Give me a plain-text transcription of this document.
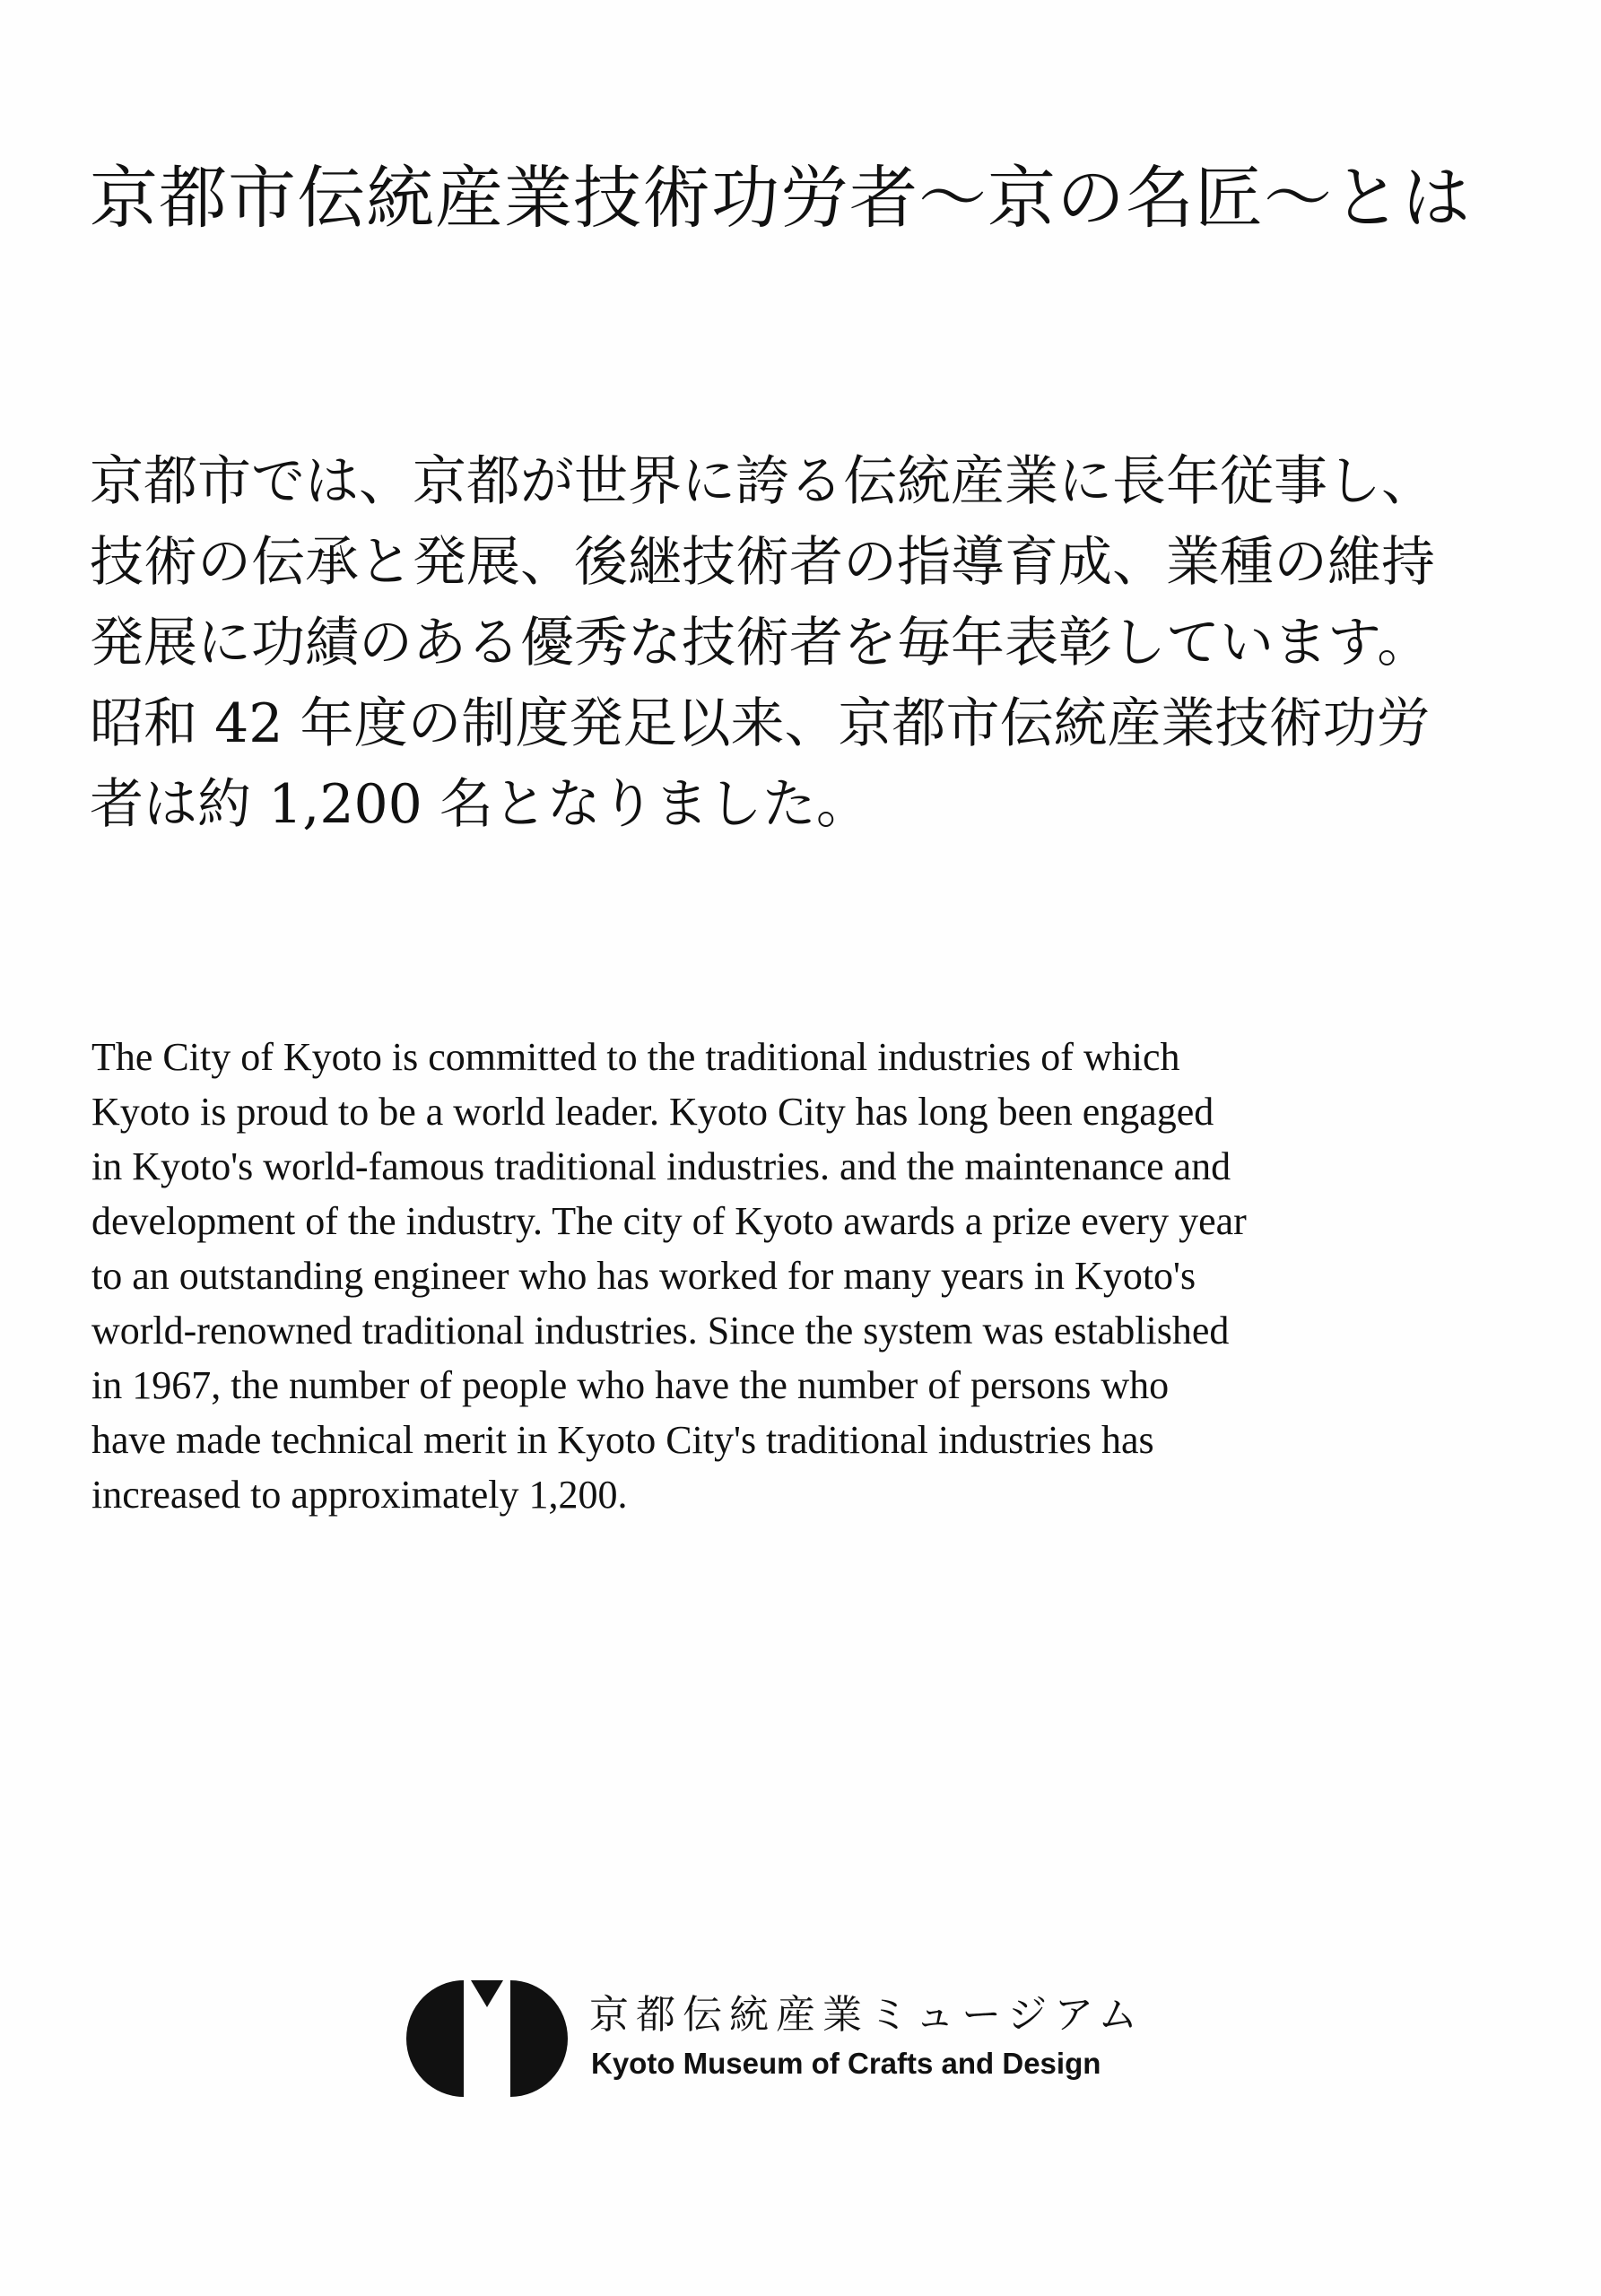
京都市伝統産業技術功労者〜京の名匠〜とは

京都市では、京都が世界に誇る伝統産業に長年従事し、
技術の伝承と発展、後継技術者の指導育成、業種の維持
発展に功績のある優秀な技術者を毎年表彰しています。
昭和 42 年度の制度発足以来、京都市伝統産業技術功労
者は約 1,200 名となりました。

The City of Kyoto is committed to the traditional industries of which
Kyoto is proud to be a world leader. Kyoto City has long been engaged
in Kyoto's world-famous traditional industries. and the maintenance and
development of the industry. The city of Kyoto awards a prize every year
to an outstanding engineer who has worked for many years in Kyoto's
world-renowned traditional industries. Since the system was established
in 1967, the number of people who have the number of persons who
have made technical merit in Kyoto City's traditional industries has
increased to approximately 1,200.

京都伝統産業ミュージアム
Kyoto Museum of Crafts and Design
